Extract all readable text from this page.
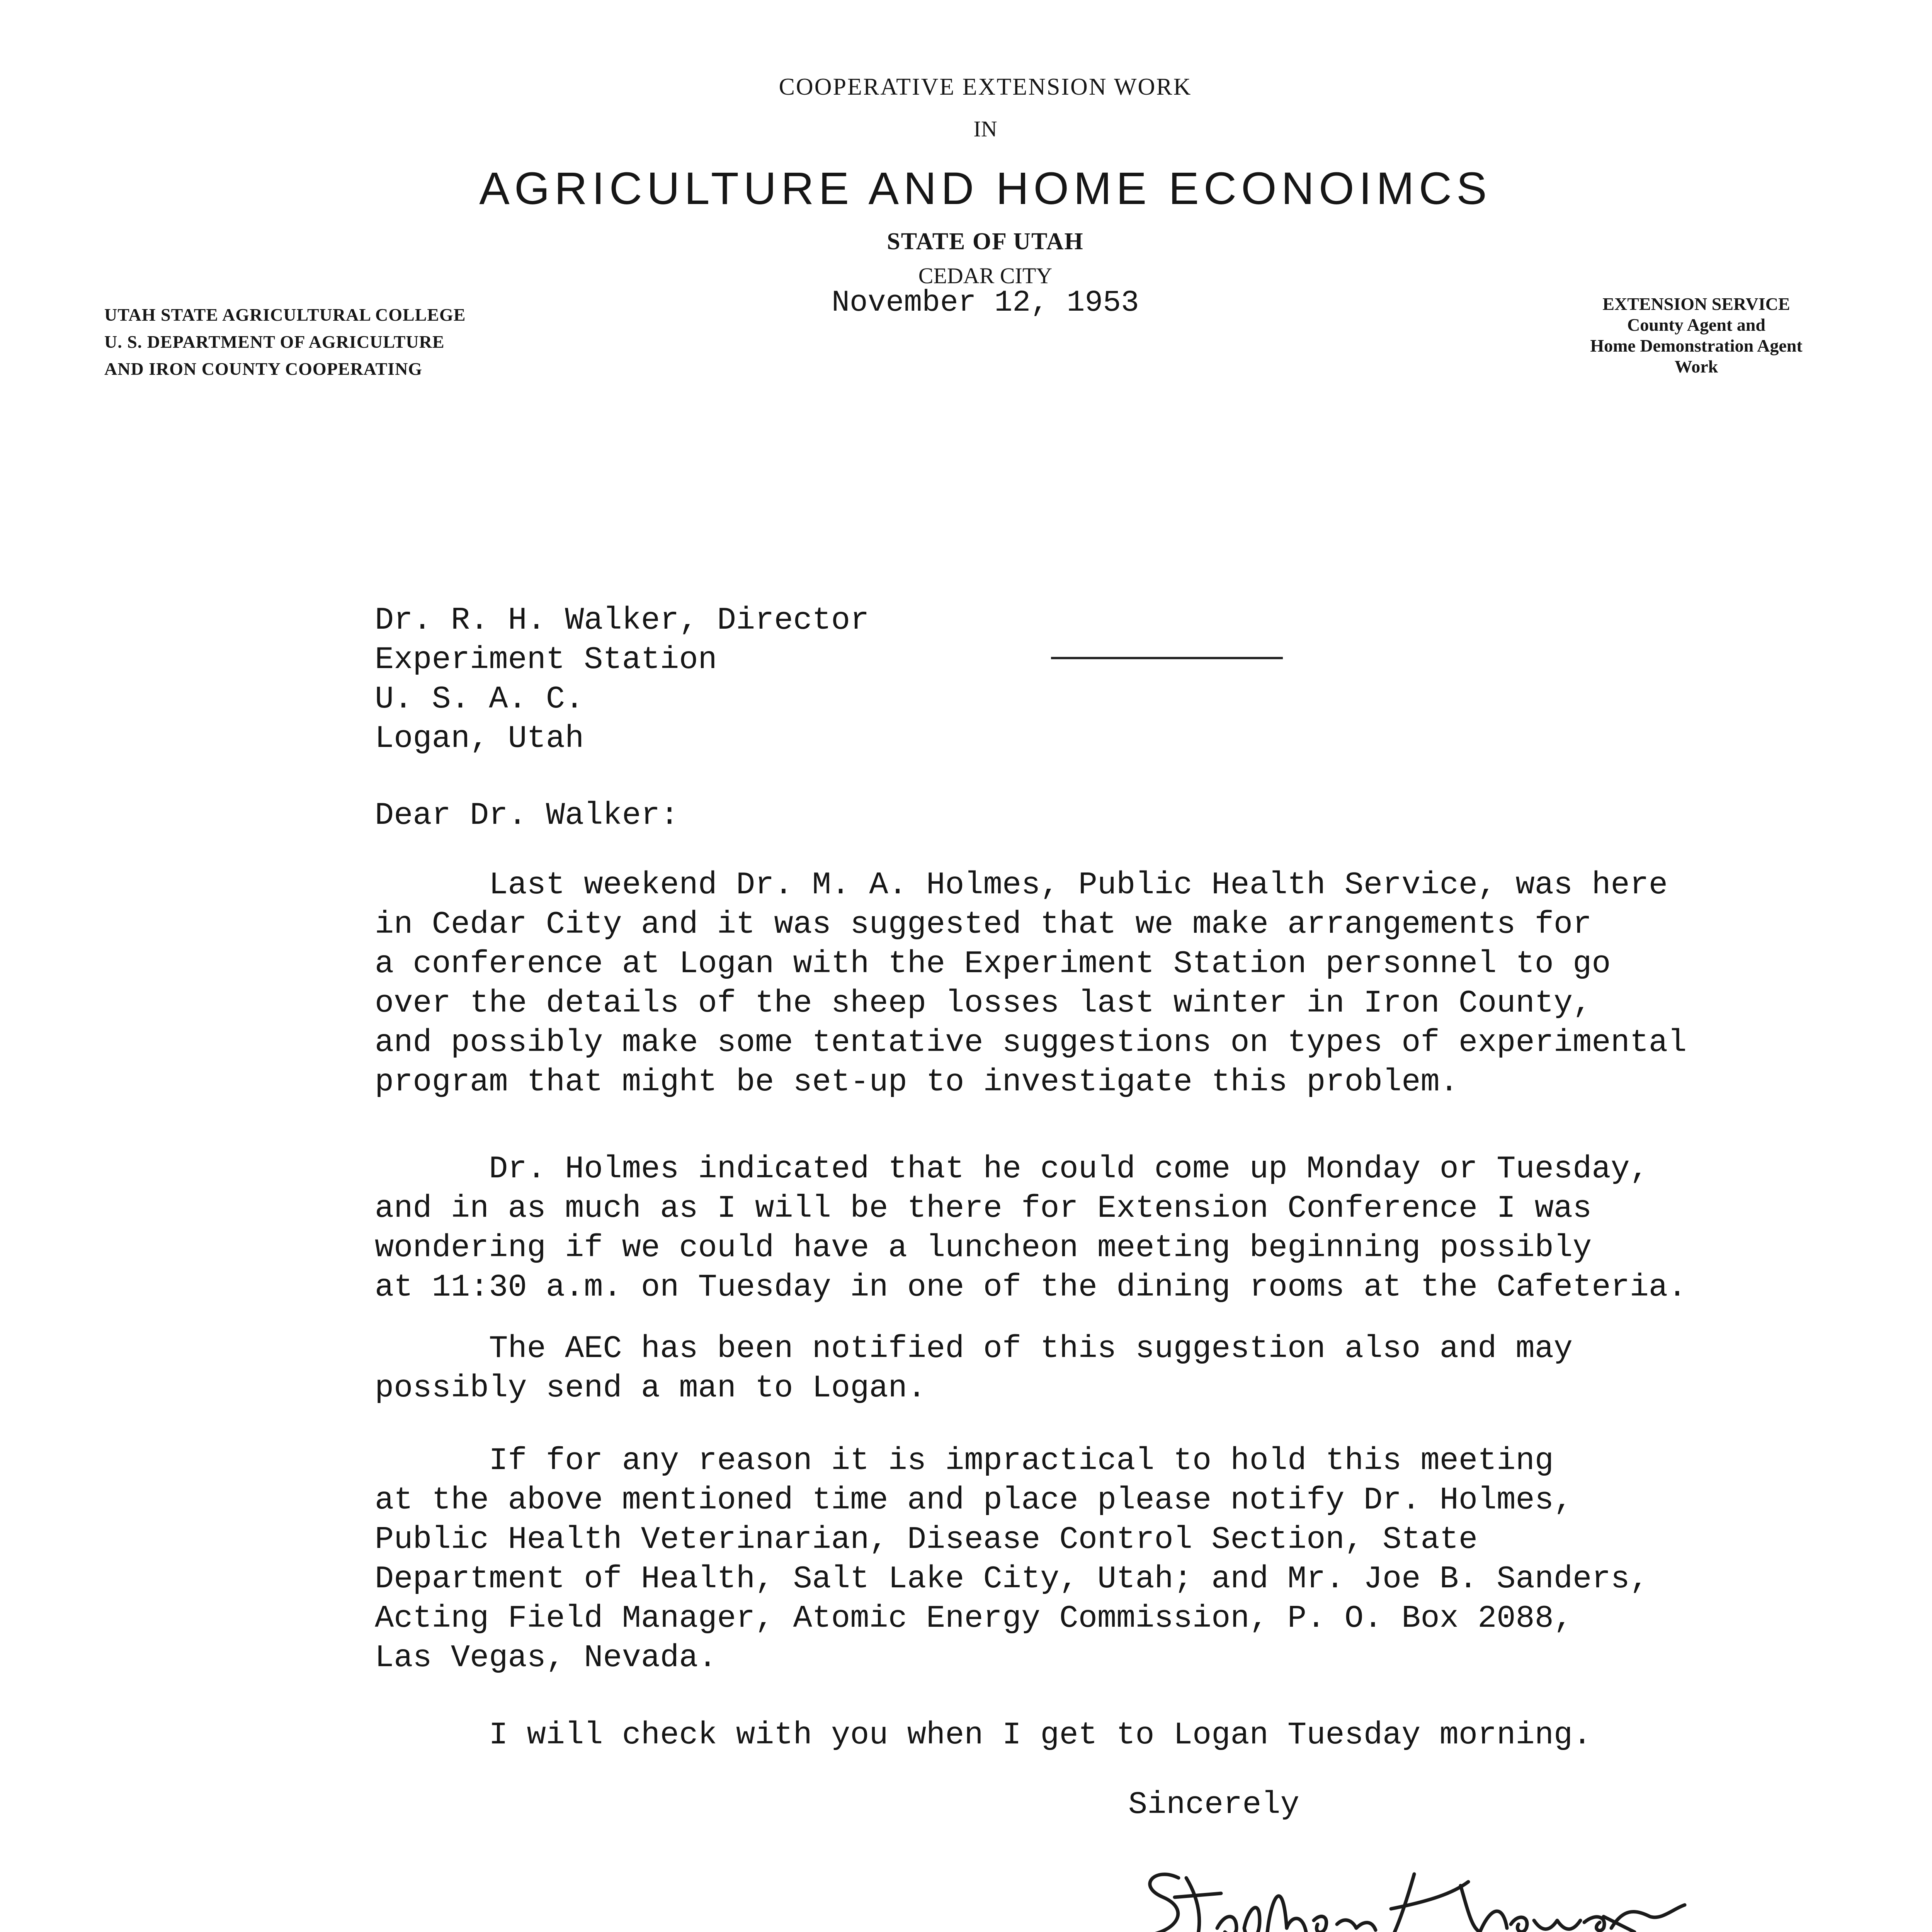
COOPERATIVE EXTENSION WORK
IN
AGRICULTURE AND HOME ECONOIMCS
STATE OF UTAH
CEDAR CITY
November 12, 1953
UTAH STATE AGRICULTURAL COLLEGE
U. S. DEPARTMENT OF AGRICULTURE
AND IRON COUNTY COOPERATING
EXTENSION SERVICE
County Agent and
Home Demonstration Agent
Work
Dr. R. H. Walker, Director
Experiment Station
U. S. A. C.
Logan, Utah
Dear Dr. Walker:
Last weekend Dr. M. A. Holmes, Public Health Service, was here
in Cedar City and it was suggested that we make arrangements for
a conference at Logan with the Experiment Station personnel to go
over the details of the sheep losses last winter in Iron County,
and possibly make some tentative suggestions on types of experimental
program that might be set-up to investigate this problem.
Dr. Holmes indicated that he could come up Monday or Tuesday,
and in as much as I will be there for Extension Conference I was
wondering if we could have a luncheon meeting beginning possibly
at 11:30 a.m. on Tuesday in one of the dining rooms at the Cafeteria.
The AEC has been notified of this suggestion also and may
possibly send a man to Logan.
If for any reason it is impractical to hold this meeting
at the above mentioned time and place please notify Dr. Holmes,
Public Health Veterinarian, Disease Control Section, State
Department of Health, Salt Lake City, Utah; and Mr. Joe B. Sanders,
Acting Field Manager, Atomic Energy Commission, P. O. Box 2088,
Las Vegas, Nevada.
I will check with you when I get to Logan Tuesday morning.
Sincerely
